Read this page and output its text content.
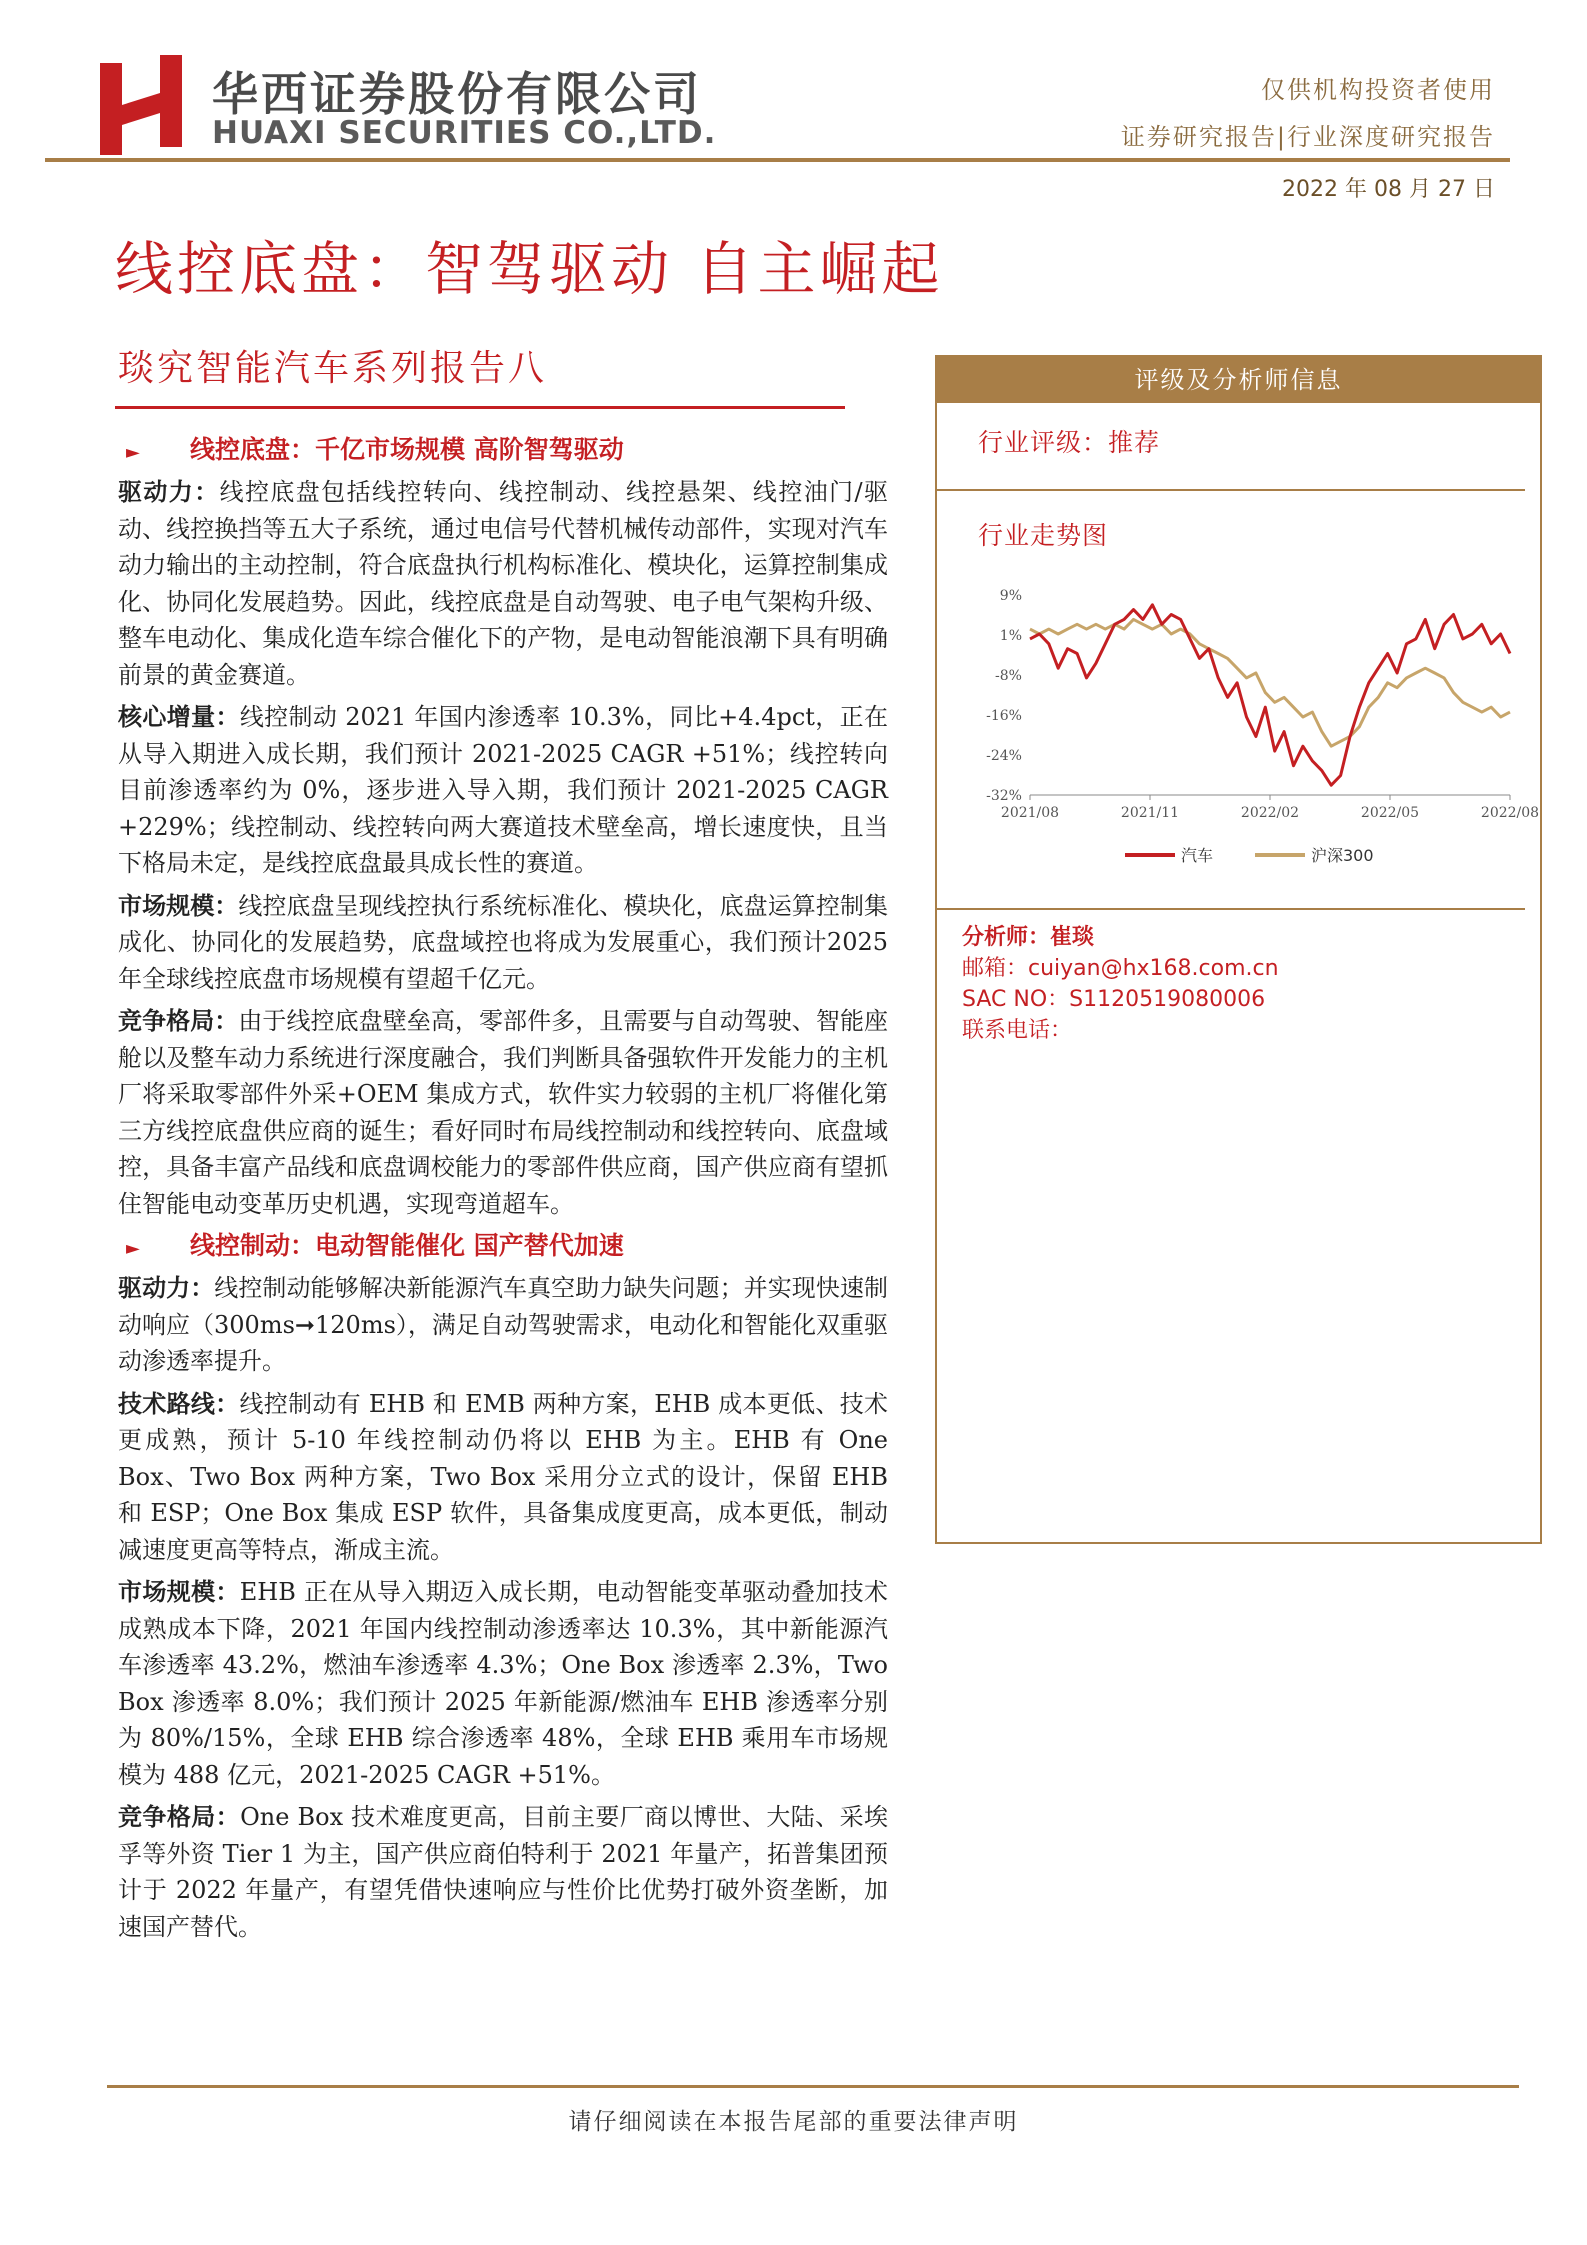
华西证券股份有限公司
HUAXI SECURITIES CO.,LTD.
仅供机构投资者使用
证券研究报告|行业深度研究报告
2022 年 08 月 27 日
线控底盘：智驾驱动 自主崛起
琰究智能汽车系列报告八
► 线控底盘：千亿市场规模 高阶智驾驱动

驱动力：线控底盘包括线控转向、线控制动、线控悬架、线控油门/驱动、线控换挡等五大子系统，通过电信号代替机械传动部件，实现对汽车动力输出的主动控制，符合底盘执行机构标准化、模块化，运算控制集成化、协同化发展趋势。因此，线控底盘是自动驾驶、电子电气架构升级、整车电动化、集成化造车综合催化下的产物，是电动智能浪潮下具有明确前景的黄金赛道。

核心增量：线控制动 2021 年国内渗透率 10.3%，同比+4.4pct，正在从导入期进入成长期，我们预计 2021-2025 CAGR +51%；线控转向目前渗透率约为 0%，逐步进入导入期，我们预计 2021-2025 CAGR +229%；线控制动、线控转向两大赛道技术壁垒高，增长速度快，且当下格局未定，是线控底盘最具成长性的赛道。

市场规模：线控底盘呈现线控执行系统标准化、模块化，底盘运算控制集成化、协同化的发展趋势，底盘域控也将成为发展重心，我们预计2025年全球线控底盘市场规模有望超千亿元。

竞争格局：由于线控底盘壁垒高，零部件多，且需要与自动驾驶、智能座舱以及整车动力系统进行深度融合，我们判断具备强软件开发能力的主机厂将采取零部件外采+OEM 集成方式，软件实力较弱的主机厂将催化第三方线控底盘供应商的诞生；看好同时布局线控制动和线控转向、底盘域控，具备丰富产品线和底盘调校能力的零部件供应商，国产供应商有望抓住智能电动变革历史机遇，实现弯道超车。

► 线控制动：电动智能催化 国产替代加速

驱动力：线控制动能够解决新能源汽车真空助力缺失问题；并实现快速制动响应（300ms➞120ms），满足自动驾驶需求，电动化和智能化双重驱动渗透率提升。

技术路线：线控制动有 EHB 和 EMB 两种方案，EHB 成本更低、技术更成熟，预计 5-10 年线控制动仍将以 EHB 为主。EHB 有 One Box、Two Box 两种方案，Two Box 采用分立式的设计，保留 EHB 和 ESP；One Box 集成 ESP 软件，具备集成度更高，成本更低，制动减速度更高等特点，渐成主流。

市场规模：EHB 正在从导入期迈入成长期，电动智能变革驱动叠加技术成熟成本下降，2021 年国内线控制动渗透率达 10.3%，其中新能源汽车渗透率 43.2%，燃油车渗透率 4.3%；One Box 渗透率 2.3%，Two Box 渗透率 8.0%；我们预计 2025 年新能源/燃油车 EHB 渗透率分别为 80%/15%，全球 EHB 综合渗透率 48%，全球 EHB 乘用车市场规模为 488 亿元，2021-2025 CAGR +51%。

竞争格局：One Box 技术难度更高，目前主要厂商以博世、大陆、采埃孚等外资 Tier 1 为主，国产供应商伯特利于 2021 年量产，拓普集团预计于 2022 年量产，有望凭借快速响应与性价比优势打破外资垄断，加速国产替代。

评级及分析师信息
行业评级：推荐
行业走势图
9%
1%
-8%
-16%
-24%
-32%
2021/08	2021/11	2022/02	2022/05	2022/08
汽车	沪深300
分析师：崔琰
邮箱：cuiyan@hx168.com.cn
SAC NO：S1120519080006
联系电话：
请仔细阅读在本报告尾部的重要法律声明
